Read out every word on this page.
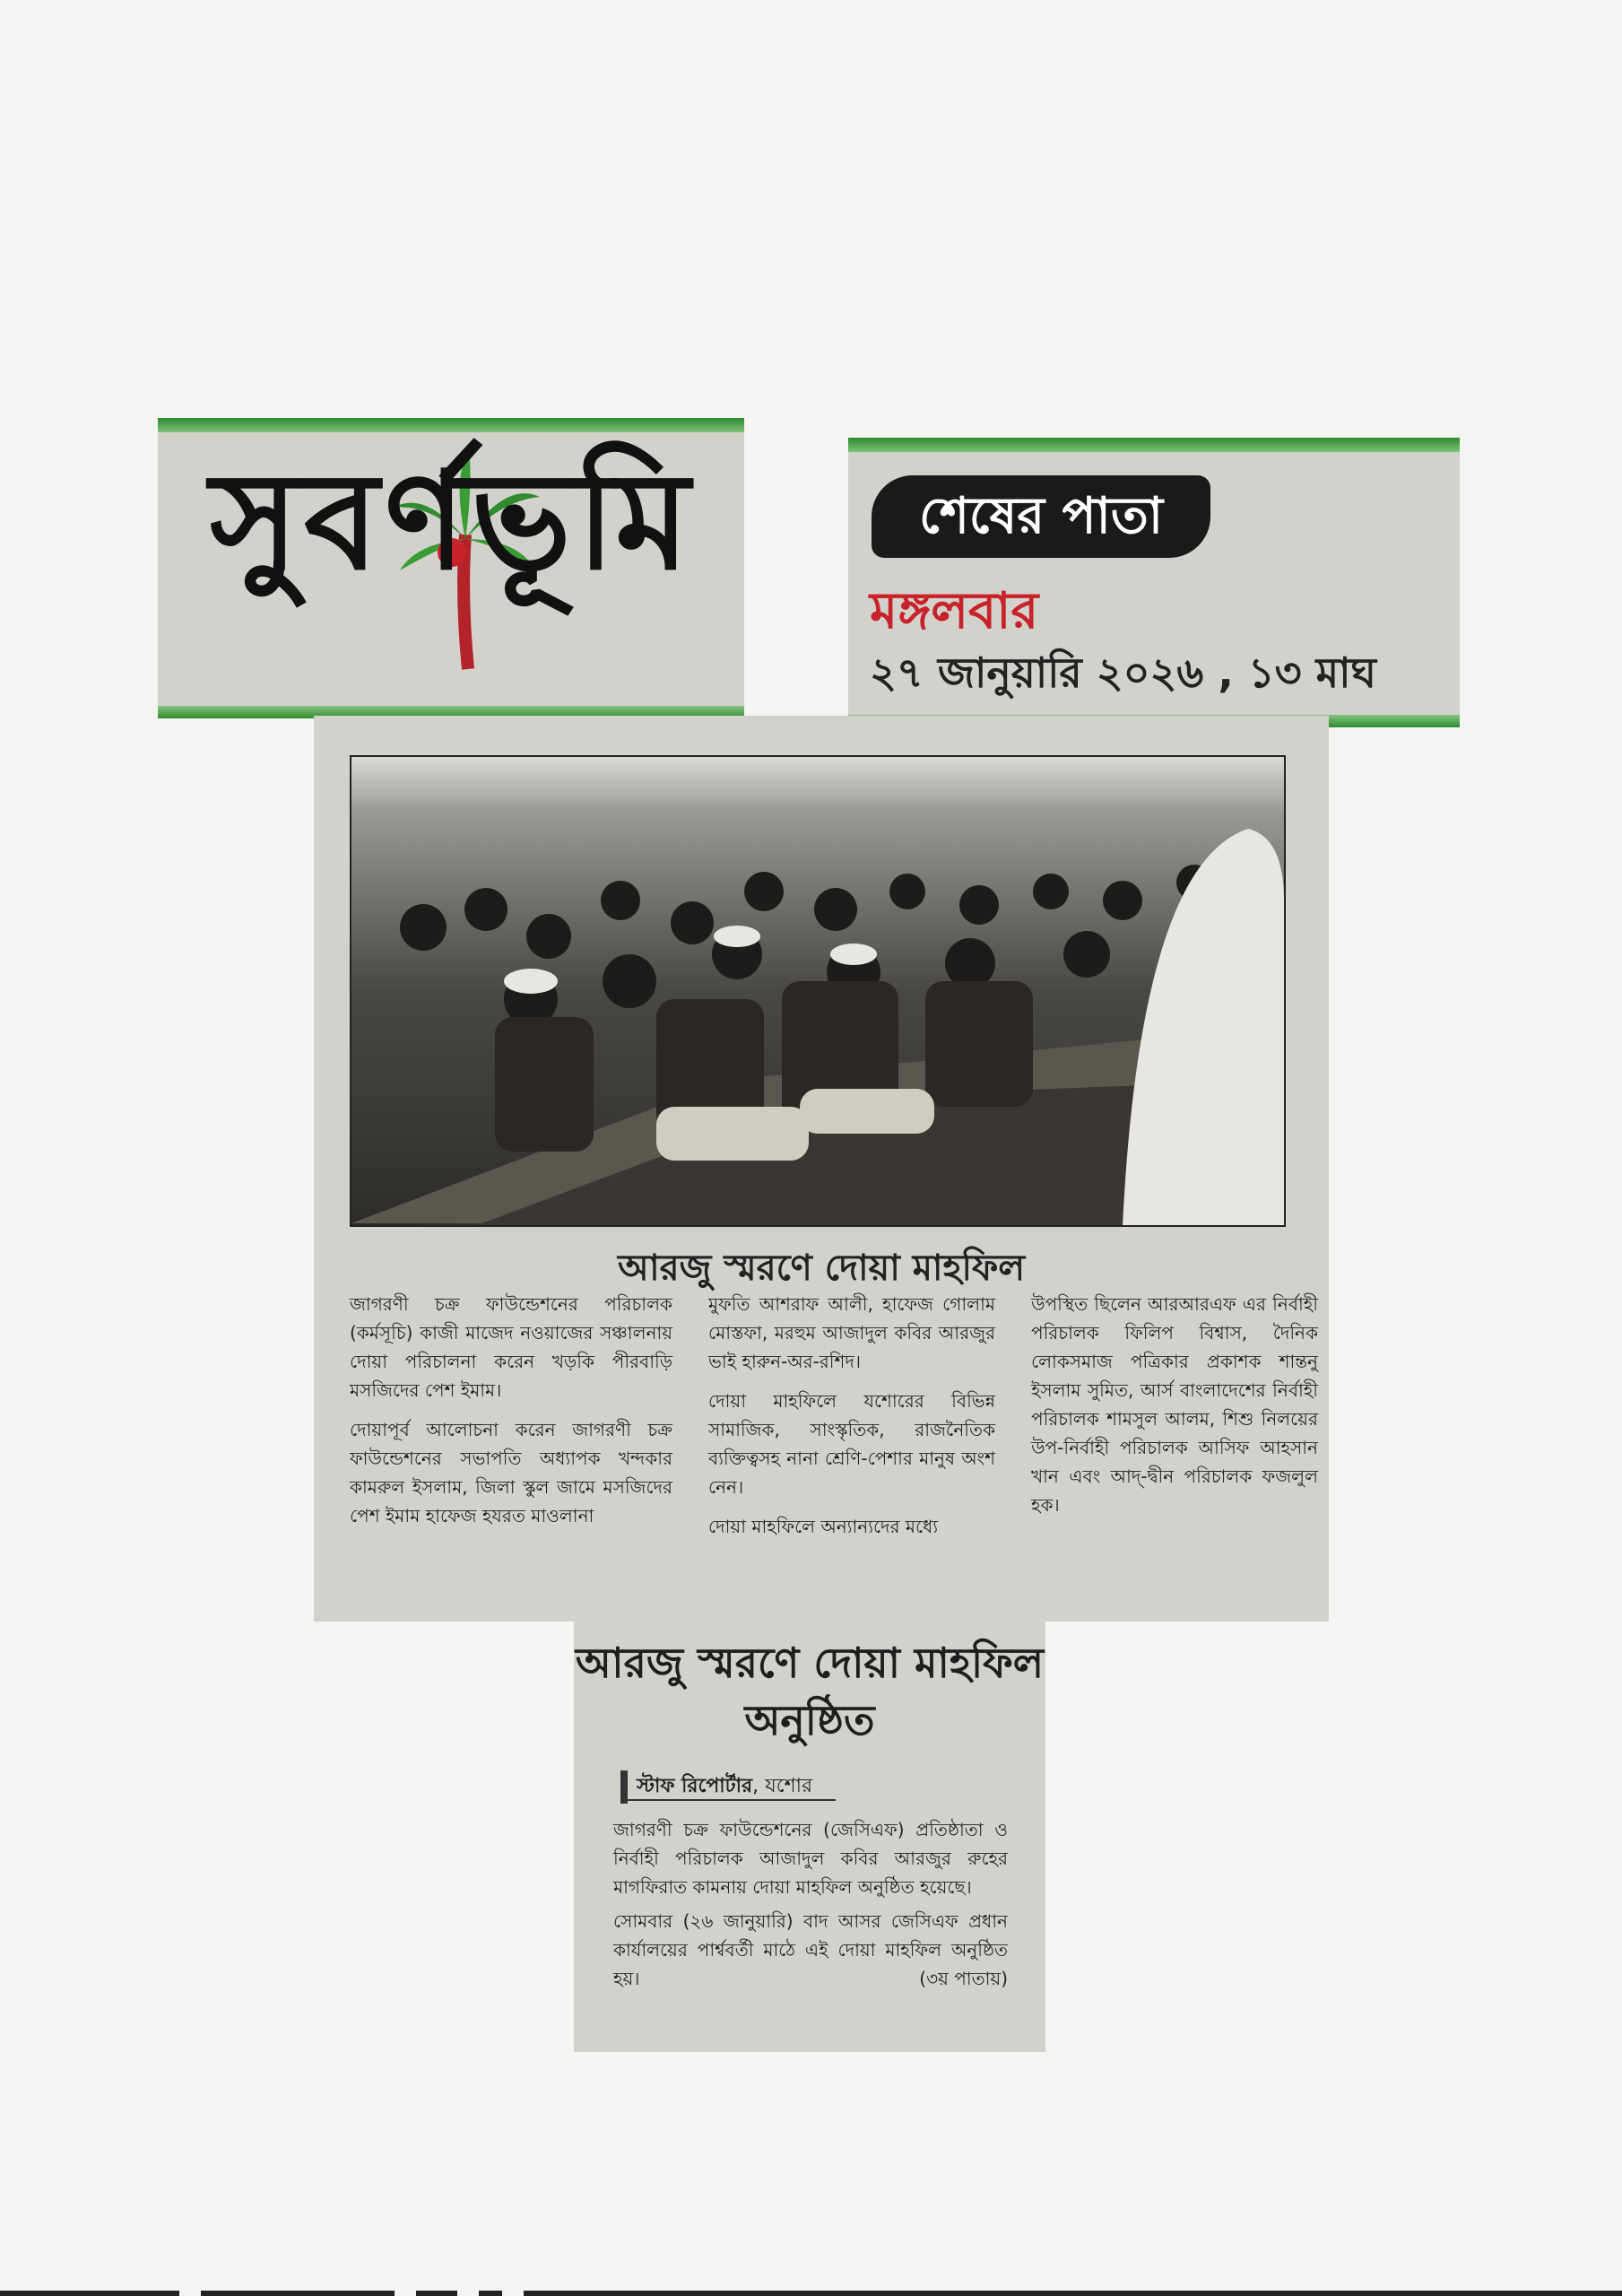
সুবর্ণভূমি	শেষের পাতা
মঙ্গলবার
২৭ জানুয়ারি ২০২৬ , ১৩ মাঘ
আরজু স্মরণে দোয়া মাহফিল

জাগরণী চক্র ফাউন্ডেশনের পরিচালক (কর্মসূচি) কাজী মাজেদ নওয়াজের সঞ্চালনায় দোয়া পরিচালনা করেন খড়কি পীরবাড়ি মসজিদের পেশ ইমাম।

দোয়াপূর্ব আলোচনা করেন জাগরণী চক্র ফাউন্ডেশনের সভাপতি অধ্যাপক খন্দকার কামরুল ইসলাম, জিলা স্কুল জামে মসজিদের পেশ ইমাম হাফেজ হযরত মাওলানা

মুফতি আশরাফ আলী, হাফেজ গোলাম মোস্তফা, মরহুম আজাদুল কবির আরজুর ভাই হারুন-অর-রশিদ।

দোয়া মাহফিলে যশোরের বিভিন্ন সামাজিক, সাংস্কৃতিক, রাজনৈতিক ব্যক্তিত্বসহ নানা শ্রেণি-পেশার মানুষ অংশ নেন।

দোয়া মাহফিলে অন্যান্যদের মধ্যে

উপস্থিত ছিলেন আরআরএফ এর নির্বাহী পরিচালক ফিলিপ বিশ্বাস, দৈনিক লোকসমাজ পত্রিকার প্রকাশক শান্তনু ইসলাম সুমিত, আর্স বাংলাদেশের নির্বাহী পরিচালক শামসুল আলম, শিশু নিলয়ের উপ-নির্বাহী পরিচালক আসিফ আহসান খান এবং আদ্-দ্বীন পরিচালক ফজলুল হক।

আরজু স্মরণে দোয়া মাহফিল অনুষ্ঠিত
স্টাফ রিপোর্টার, যশোর

জাগরণী চক্র ফাউন্ডেশনের (জেসিএফ) প্রতিষ্ঠাতা ও নির্বাহী পরিচালক আজাদুল কবির আরজুর রুহের মাগফিরাত কামনায় দোয়া মাহফিল অনুষ্ঠিত হয়েছে।

সোমবার (২৬ জানুয়ারি) বাদ আসর জেসিএফ প্রধান কার্যালয়ের পার্শ্ববর্তী মাঠে এই দোয়া মাহফিল অনুষ্ঠিত হয়।	(৩য় পাতায়)
